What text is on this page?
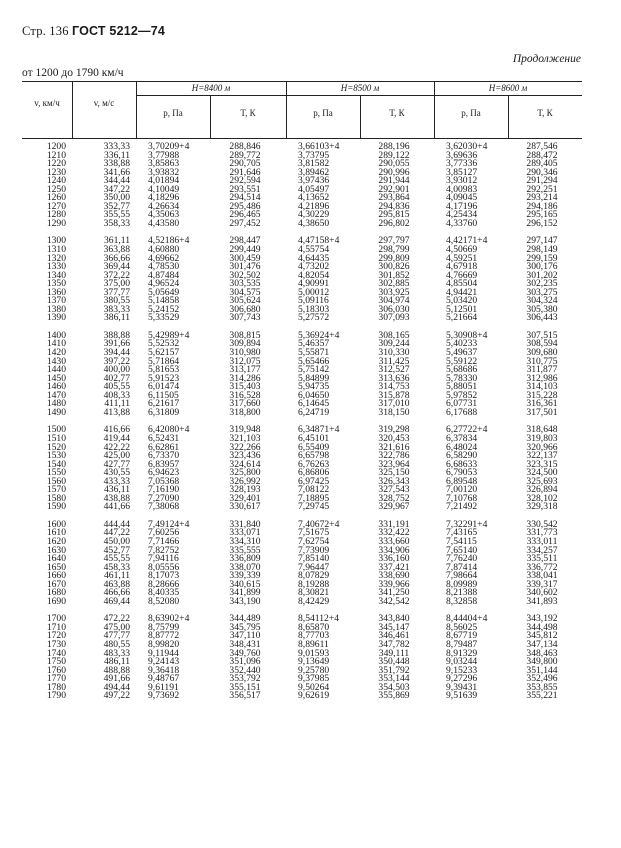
Стр. 136 ГОСТ 5212—74
Продолжение
от 1200 до 1790 км/ч
v, км/ч	v, м/с
H=8400 м	H=8500 м	H=8600 м
p, Па	T, К	p, Па	T, К	p, Па	T, К
1200	333,33	3,70209+4	288,846	3,66103+4	288,196	3,62030+4	287,546
1210	336,11	3,77988	289,772	3,73795	289,122	3,69636	288,472
1220	338,88	3,85863	290,705	3,81582	290,055	3,77336	289,405
1230	341,66	3,93832	291,646	3,89462	290,996	3,85127	290,346
1240	344,44	4,01894	292,594	3,97436	291,944	3,93012	291,294
1250	347,22	4,10049	293,551	4,05497	292,901	4,00983	292,251
1260	350,00	4,18296	294,514	4,13652	293,864	4,09045	293,214
1270	352,77	4,26634	295,486	4,21896	294,836	4,17196	294,186
1280	355,55	4,35063	296,465	4,30229	295,815	4,25434	295,165
1290	358,33	4,43580	297,452	4,38650	296,802	4,33760	296,152
1300	361,11	4,52186+4	298,447	4,47158+4	297,797	4,42171+4	297,147
1310	363,88	4,60880	299,449	4,55754	298,799	4,50669	298,149
1320	366,66	4,69662	300,459	4,64435	299,809	4,59251	299,159
1330	369,44	4,78530	301,476	4,73202	300,826	4,67918	300,176
1340	372,22	4,87484	302,502	4,82054	301,852	4,76669	301,202
1350	375,00	4,96524	303,535	4,90991	302,885	4,85504	302,235
1360	377,77	5,05649	304,575	5,00012	303,925	4,94421	303,275
1370	380,55	5,14858	305,624	5,09116	304,974	5,03420	304,324
1380	383,33	5,24152	306,680	5,18303	306,030	5,12501	305,380
1390	386,11	5,33529	307,743	5,27572	307,093	5,21664	306,443
1400	388,88	5,42989+4	308,815	5,36924+4	308,165	5,30908+4	307,515
1410	391,66	5,52532	309,894	5,46357	309,244	5,40233	308,594
1420	394,44	5,62157	310,980	5,55871	310,330	5,49637	309,680
1430	397,22	5,71864	312,075	5,65466	311,425	5,59122	310,775
1440	400,00	5,81653	313,177	5,75142	312,527	5,68686	311,877
1450	402,77	5,91523	314,286	5,84899	313,636	5,78330	312,986
1460	405,55	6,01474	315,403	5,94735	314,753	5,88051	314,103
1470	408,33	6,11505	316,528	6,04650	315,878	5,97852	315,228
1480	411,11	6,21617	317,660	6,14645	317,010	6,07731	316,361
1490	413,88	6,31809	318,800	6,24719	318,150	6,17688	317,501
1500	416,66	6,42080+4	319,948	6,34871+4	319,298	6,27722+4	318,648
1510	419,44	6,52431	321,103	6,45101	320,453	6,37834	319,803
1520	422,22	6,62861	322,266	6,55409	321,616	6,48024	320,966
1530	425,00	6,73370	323,436	6,65798	322,786	6,58290	322,137
1540	427,77	6,83957	324,614	6,76263	323,964	6,68633	323,315
1550	430,55	6,94623	325,800	6,86806	325,150	6,79053	324,500
1560	433,33	7,05368	326,992	6,97425	326,343	6,89548	325,693
1570	436,11	7,16190	328,193	7,08122	327,543	7,00120	326,894
1580	438,88	7,27090	329,401	7,18895	328,752	7,10768	328,102
1590	441,66	7,38068	330,617	7,29745	329,967	7,21492	329,318
1600	444,44	7,49124+4	331,840	7,40672+4	331,191	7,32291+4	330,542
1610	447,22	7,60256	333,071	7,51675	332,422	7,43165	331,773
1620	450,00	7,71466	334,310	7,62754	333,660	7,54115	333,011
1630	452,77	7,82752	335,555	7,73909	334,906	7,65140	334,257
1640	455,55	7,94116	336,809	7,85140	336,160	7,76240	335,511
1650	458,33	8,05556	338,070	7,96447	337,421	7,87414	336,772
1660	461,11	8,17073	339,339	8,07829	338,690	7,98664	338,041
1670	463,88	8,28666	340,615	8,19288	339,966	8,09989	339,317
1680	466,66	8,40335	341,899	8,30821	341,250	8,21388	340,602
1690	469,44	8,52080	343,190	8,42429	342,542	8,32858	341,893
1700	472,22	8,63902+4	344,489	8,54112+4	343,840	8,44404+4	343,192
1710	475,00	8,75799	345,795	8,65870	345,147	8,56025	344,498
1720	477,77	8,87772	347,110	8,77703	346,461	8,67719	345,812
1730	480,55	8,99820	348,431	8,89611	347,782	8,79487	347,134
1740	483,33	9,11944	349,760	9,01593	349,111	8,91329	348,463
1750	486,11	9,24143	351,096	9,13649	350,448	9,03244	349,800
1760	488,88	9,36418	352,440	9,25780	351,792	9,15233	351,144
1770	491,66	9,48767	353,792	9,37985	353,144	9,27296	352,496
1780	494,44	9,61191	355,151	9,50264	354,503	9,39431	353,855
1790	497,22	9,73692	356,517	9,62619	355,869	9,51639	355,221
